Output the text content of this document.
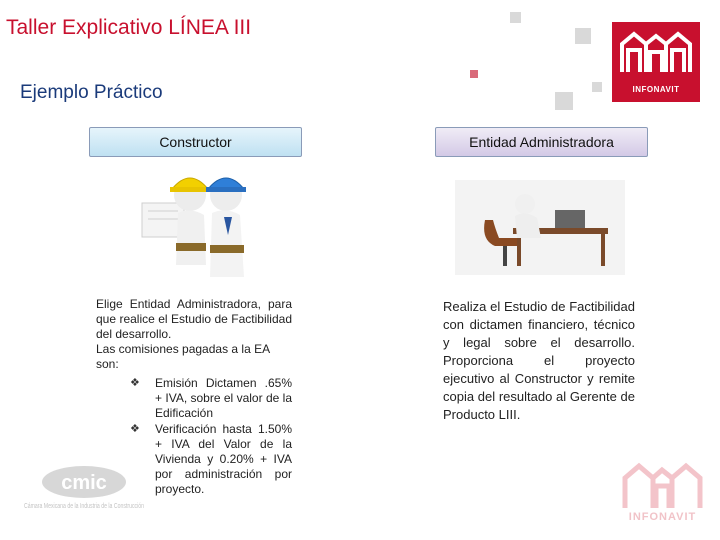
Taller Explicativo LÍNEA III
Ejemplo Práctico	INFONAVIT
Constructor	Entidad Administradora
Elige Entidad Administradora, para que realice el Estudio de Factibilidad del desarrollo.
Las comisiones pagadas a la EA son:
❖	Emisión Dictamen .65% + IVA, sobre el valor de la Edificación
❖	Verificación hasta 1.50% + IVA del Valor de la Vivienda y 0.20% + IVA por administración por proyecto.
Realiza el Estudio de Factibilidad con dictamen financiero, técnico y legal sobre el desarrollo. Proporciona el proyecto ejecutivo al Constructor y remite copia del resultado al Gerente de Producto LIII.
cmic
Cámara Mexicana de la Industria de la Construcción
INFONAVIT
